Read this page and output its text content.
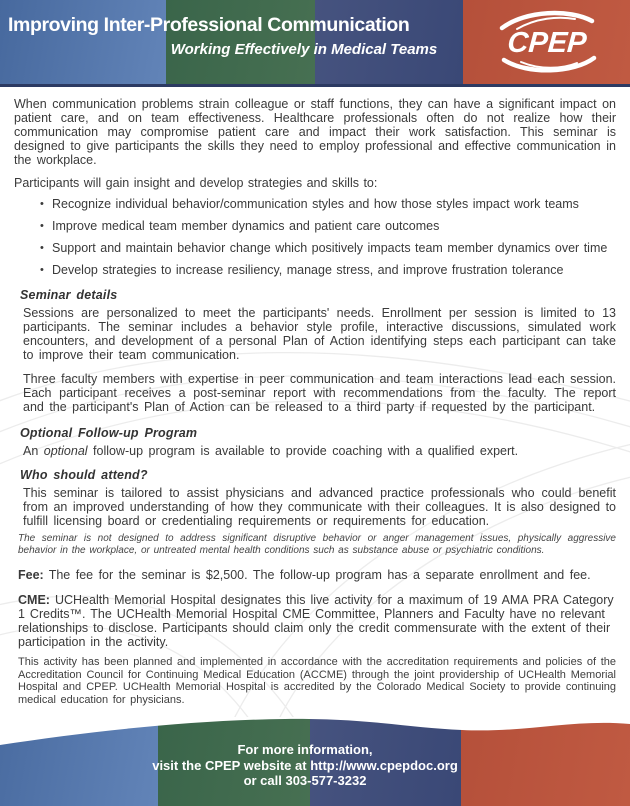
Improving Inter-Professional Communication
Working Effectively in Medical Teams	CPEP

When communication problems strain colleague or staff functions, they can have a significant impact on patient care, and on team effectiveness. Healthcare professionals often do not realize how their communication may compromise patient care and impact their work satisfaction. This seminar is designed to give participants the skills they need to employ professional and effective communication in the workplace.

Participants will gain insight and develop strategies and skills to:

• Recognize individual behavior/communication styles and how those styles impact work teams
• Improve medical team member dynamics and patient care outcomes
• Support and maintain behavior change which positively impacts team member dynamics over time
• Develop strategies to increase resiliency, manage stress, and improve frustration tolerance
Seminar details

Sessions are personalized to meet the participants' needs. Enrollment per session is limited to 13 participants. The seminar includes a behavior style profile, interactive discussions, simulated work encounters, and development of a personal Plan of Action identifying steps each participant can take to improve their team communication.

Three faculty members with expertise in peer communication and team interactions lead each session. Each participant receives a post-seminar report with recommendations from the faculty. The report and the participant's Plan of Action can be released to a third party if requested by the participant.

Optional Follow-up Program

An optional follow-up program is available to provide coaching with a qualified expert.

Who should attend?

This seminar is tailored to assist physicians and advanced practice professionals who could benefit from an improved understanding of how they communicate with their colleagues. It is also designed to fulfill licensing board or credentialing requirements or requirements for education.

The seminar is not designed to address significant disruptive behavior or anger management issues, physically aggressive behavior in the workplace, or untreated mental health conditions such as substance abuse or psychiatric conditions.

Fee: The fee for the seminar is $2,500. The follow-up program has a separate enrollment and fee.

CME: UCHealth Memorial Hospital designates this live activity for a maximum of 19 AMA PRA Category 1 Credits™. The UCHealth Memorial Hospital CME Committee, Planners and Faculty have no relevant relationships to disclose. Participants should claim only the credit commensurate with the extent of their participation in the activity.

This activity has been planned and implemented in accordance with the accreditation requirements and policies of the Accreditation Council for Continuing Medical Education (ACCME) through the joint providership of UCHealth Memorial Hospital and CPEP. UCHealth Memorial Hospital is accredited by the Colorado Medical Society to provide continuing medical education for physicians.

For more information,
visit the CPEP website at http://www.cpepdoc.org
or call 303-577-3232
